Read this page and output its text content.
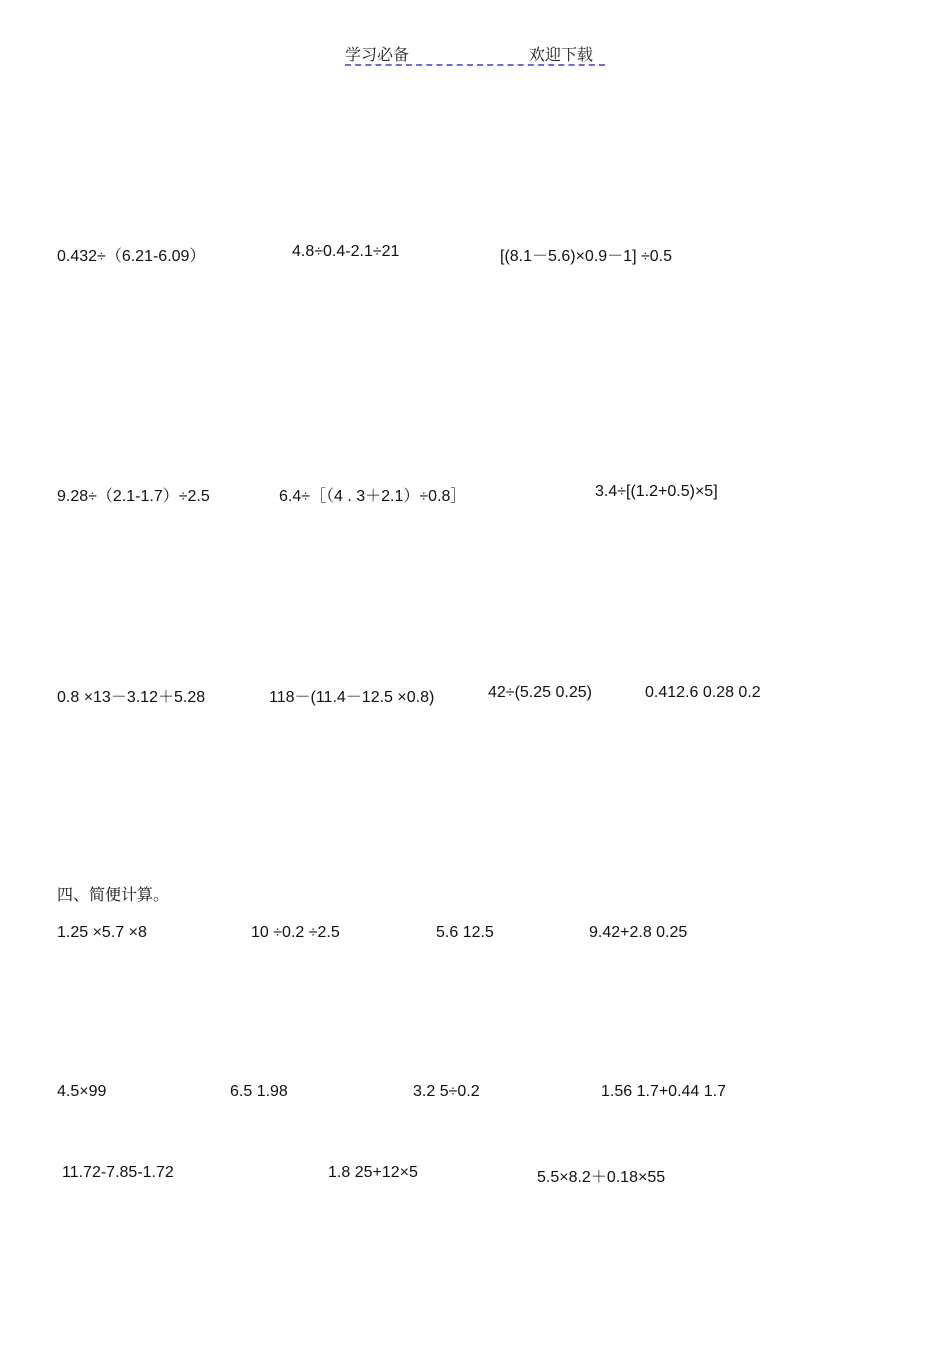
学习必备	欢迎下载
0.432÷（6.21-6.09）	4.8÷0.4-2.1÷21	[(8.1－5.6)×0.9－1] ÷0.5
9.28÷（2.1-1.7）÷2.5	6.4÷［（4 . 3＋2.1）÷0.8］	3.4÷[(1.2+0.5)×5]
0.8 ×13－3.12＋5.28	118－(11.4－12.5 ×0.8)	42÷(5.25 0.25)	0.412.6 0.28 0.2
四、简便计算。
1.25 ×5.7 ×8	10 ÷0.2 ÷2.5	5.6 12.5	9.42+2.8 0.25
4.5×99	6.5 1.98	3.2 5÷0.2	1.56 1.7+0.44 1.7
11.72-7.85-1.72	1.8 25+12×5	5.5×8.2＋0.18×55
